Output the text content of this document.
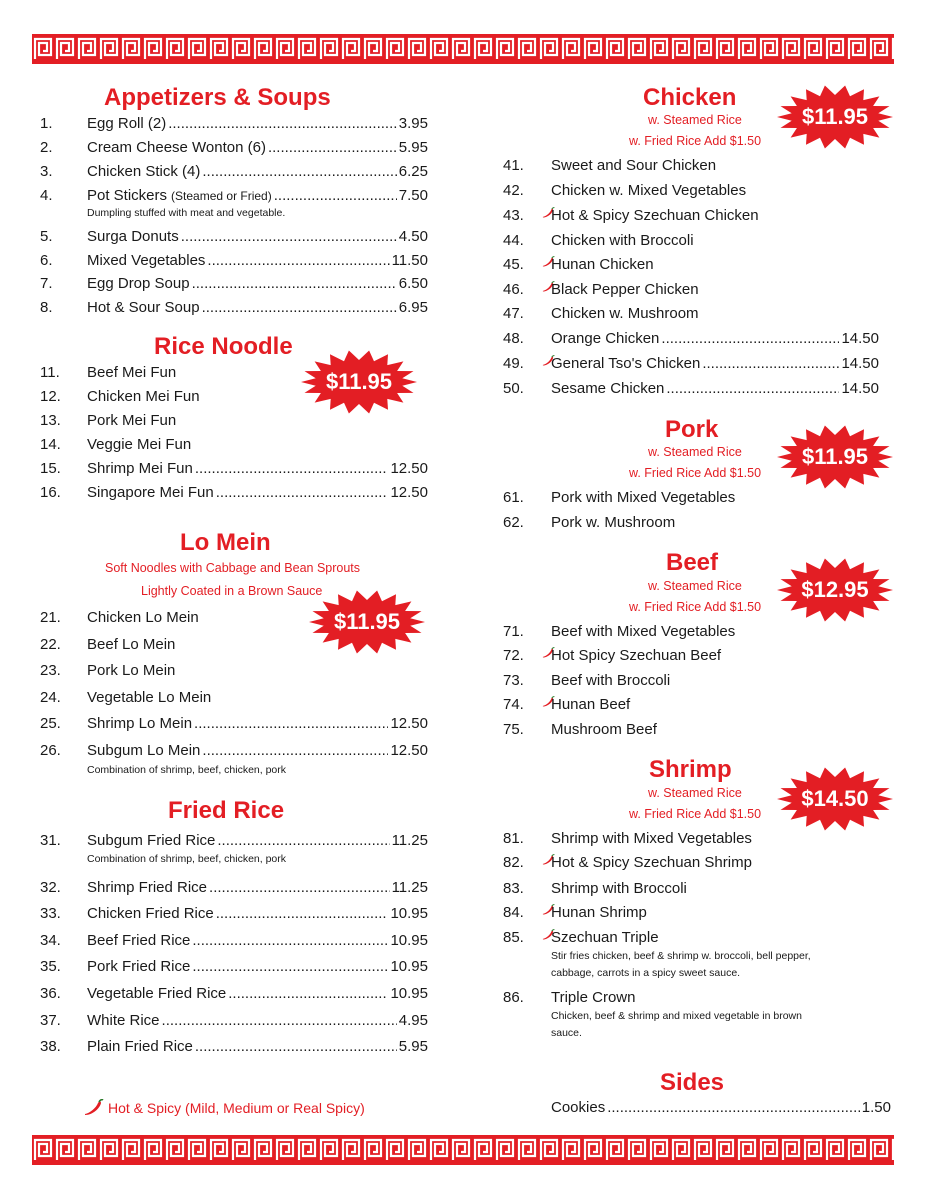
Appetizers & Soups
1.	Egg Roll (2) .....	3.95
2.	Cream Cheese Wonton (6) .....	5.95
3.	Chicken Stick (4) .....	6.25
4.	Pot Stickers (Steamed or Fried) .....	7.50
Dumpling stuffed with meat and vegetable.
5.	Surga Donuts .....	4.50
6.	Mixed Vegetables .....	11.50
7.	Egg Drop Soup .....	6.50
8.	Hot & Sour Soup .....	6.95
Rice Noodle
$11.95
11.	Beef Mei Fun
12.	Chicken Mei Fun
13.	Pork Mei Fun
14.	Veggie Mei Fun
15.	Shrimp Mei Fun .....	12.50
16.	Singapore Mei Fun .....	12.50
Lo Mein
Soft Noodles with Cabbage and Bean Sprouts
Lightly Coated in a Brown Sauce
$11.95
21.	Chicken Lo Mein
22.	Beef Lo Mein
23.	Pork Lo Mein
24.	Vegetable Lo Mein
25.	Shrimp Lo Mein .....	12.50
26.	Subgum Lo Mein .....	12.50
Combination of shrimp, beef, chicken, pork
Fried Rice
31.	Subgum Fried Rice .....	11.25
Combination of shrimp, beef, chicken, pork
32.	Shrimp Fried Rice .....	11.25
33.	Chicken Fried Rice .....	10.95
34.	Beef Fried Rice .....	10.95
35.	Pork Fried Rice .....	10.95
36.	Vegetable Fried Rice .....	10.95
37.	White Rice .....	4.95
38.	Plain Fried Rice .....	5.95
Chicken
w. Steamed Rice
w. Fried Rice Add $1.50
$11.95
41.	Sweet and Sour Chicken
42.	Chicken w. Mixed Vegetables
43.	Hot & Spicy Szechuan Chicken
44.	Chicken with Broccoli
45.	Hunan Chicken
46.	Black Pepper Chicken
47.	Chicken w. Mushroom
48.	Orange Chicken .....	14.50
49.	General Tso's Chicken .....	14.50
50.	Sesame Chicken .....	14.50
Pork
w. Steamed Rice
w. Fried Rice Add $1.50
$11.95
61.	Pork with Mixed Vegetables
62.	Pork w. Mushroom
Beef
w. Steamed Rice
w. Fried Rice Add $1.50
$12.95
71.	Beef with Mixed Vegetables
72.	Hot Spicy Szechuan Beef
73.	Beef with Broccoli
74.	Hunan Beef
75.	Mushroom Beef
Shrimp
w. Steamed Rice
w. Fried Rice Add $1.50
$14.50
81.	Shrimp with Mixed Vegetables
82.	Hot & Spicy Szechuan Shrimp
83.	Shrimp with Broccoli
84.	Hunan Shrimp
85.	Szechuan Triple
86.	Triple Crown
Stir fries chicken, beef & shrimp w. broccoli, bell pepper,
cabbage, carrots in a spicy sweet sauce.
Chicken, beef & shrimp and mixed vegetable in brown
sauce.
Sides
Cookies .....	1.50
Hot & Spicy (Mild, Medium or Real Spicy)
